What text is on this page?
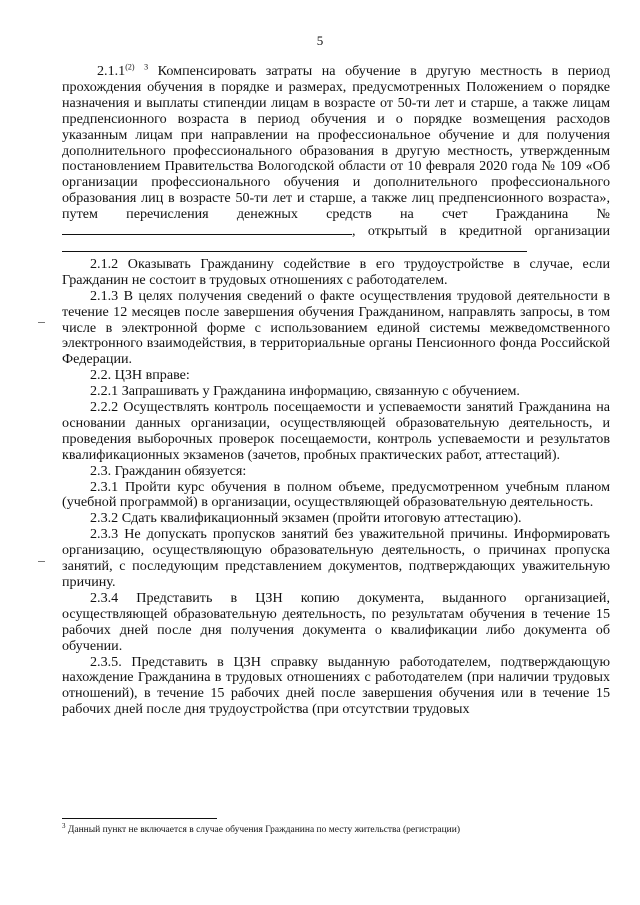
5

2.1.1$^{(2)}$ $^3$ Компенсировать затраты на обучение в другую местность в период прохождения обучения в порядке и размерах, предусмотренных Положением о порядке назначения и выплаты стипендии лицам в возрасте от 50-ти лет и старше, а также лицам предпенсионного возраста в период обучения и о порядке возмещения расходов указанным лицам при направлении на профессиональное обучение и для получения дополнительного профессионального образования в другую местность, утвержденным постановлением Правительства Вологодской области от 10 февраля 2020 года № 109 «Об организации профессионального обучения и дополнительного профессионального образования лиц в возрасте 50-ти лет и старше, а также лиц предпенсионного возраста», путем перечисления денежных средств на счет Гражданина №, открытый в кредитной организации

2.1.2 Оказывать Гражданину содействие в его трудоустройстве в случае, если Гражданин не состоит в трудовых отношениях с работодателем.

2.1.3 В целях получения сведений о факте осуществления трудовой деятельности в течение 12 месяцев после завершения обучения Гражданином, направлять запросы, в том числе в электронной форме с использованием единой системы межведомственного электронного взаимодействия, в территориальные органы Пенсионного фонда Российской Федерации.

2.2. ЦЗН вправе:

2.2.1 Запрашивать у Гражданина информацию, связанную с обучением.

2.2.2 Осуществлять контроль посещаемости и успеваемости занятий Гражданина на основании данных организации, осуществляющей образовательную деятельность, и проведения выборочных проверок посещаемости, контроль успеваемости и результатов квалификационных экзаменов (зачетов, пробных практических работ, аттестаций).

2.3. Гражданин обязуется:

2.3.1 Пройти курс обучения в полном объеме, предусмотренном учебным планом (учебной программой) в организации, осуществляющей образовательную деятельность.

2.3.2 Сдать квалификационный экзамен (пройти итоговую аттестацию).

2.3.3 Не допускать пропусков занятий без уважительной причины. Информировать организацию, осуществляющую образовательную деятельность, о причинах пропуска занятий, с последующим представлением документов, подтверждающих уважительную причину.

2.3.4 Представить в ЦЗН копию документа, выданного организацией, осуществляющей образовательную деятельность, по результатам обучения в течение 15 рабочих дней после дня получения документа о квалификации либо документа об обучении.

2.3.5. Представить в ЦЗН справку выданную работодателем, подтверждающую нахождение Гражданина в трудовых отношениях с работодателем (при наличии трудовых отношений), в течение 15 рабочих дней после завершения обучения или в течение 15 рабочих дней после дня трудоустройства (при отсутствии трудовых

$^3$ Данный пункт не включается в случае обучения Гражданина по месту жительства (регистрации)
